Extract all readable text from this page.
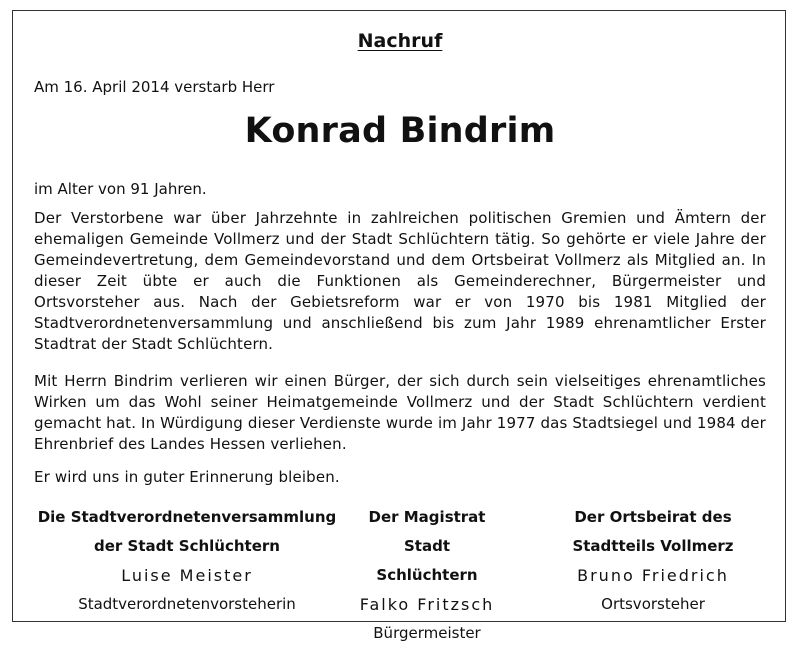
Nachruf
Am 16. April 2014 verstarb Herr
Konrad Bindrim
im Alter von 91 Jahren.
Der Verstorbene war über Jahrzehnte in zahlreichen politischen Gremien und Ämtern der ehemaligen Gemeinde Vollmerz und der Stadt Schlüchtern tätig. So gehörte er viele Jahre der Gemeindevertretung, dem Gemeindevorstand und dem Ortsbeirat Vollmerz als Mitglied an. In dieser Zeit übte er auch die Funktionen als Gemeinderechner, Bürgermeister und Ortsvorsteher aus. Nach der Gebietsreform war er von 1970 bis 1981 Mitglied der Stadtverordnetenversammlung und anschließend bis zum Jahr 1989 ehrenamtlicher Erster Stadtrat der Stadt Schlüchtern.
Mit Herrn Bindrim verlieren wir einen Bürger, der sich durch sein vielseitiges ehrenamtliches Wirken um das Wohl seiner Heimatgemeinde Vollmerz und der Stadt Schlüchtern verdient gemacht hat. In Würdigung dieser Verdienste wurde im Jahr 1977 das Stadtsiegel und 1984 der Ehrenbrief des Landes Hessen verliehen.
Er wird uns in guter Erinnerung bleiben.
Die Stadtverordnetenversammlung
der Stadt Schlüchtern
Luise Meister
Stadtverordnetenvorsteherin
Der Magistrat
Stadt Schlüchtern
Falko Fritzsch
Bürgermeister
Der Ortsbeirat des
Stadtteils Vollmerz
Bruno Friedrich
Ortsvorsteher
